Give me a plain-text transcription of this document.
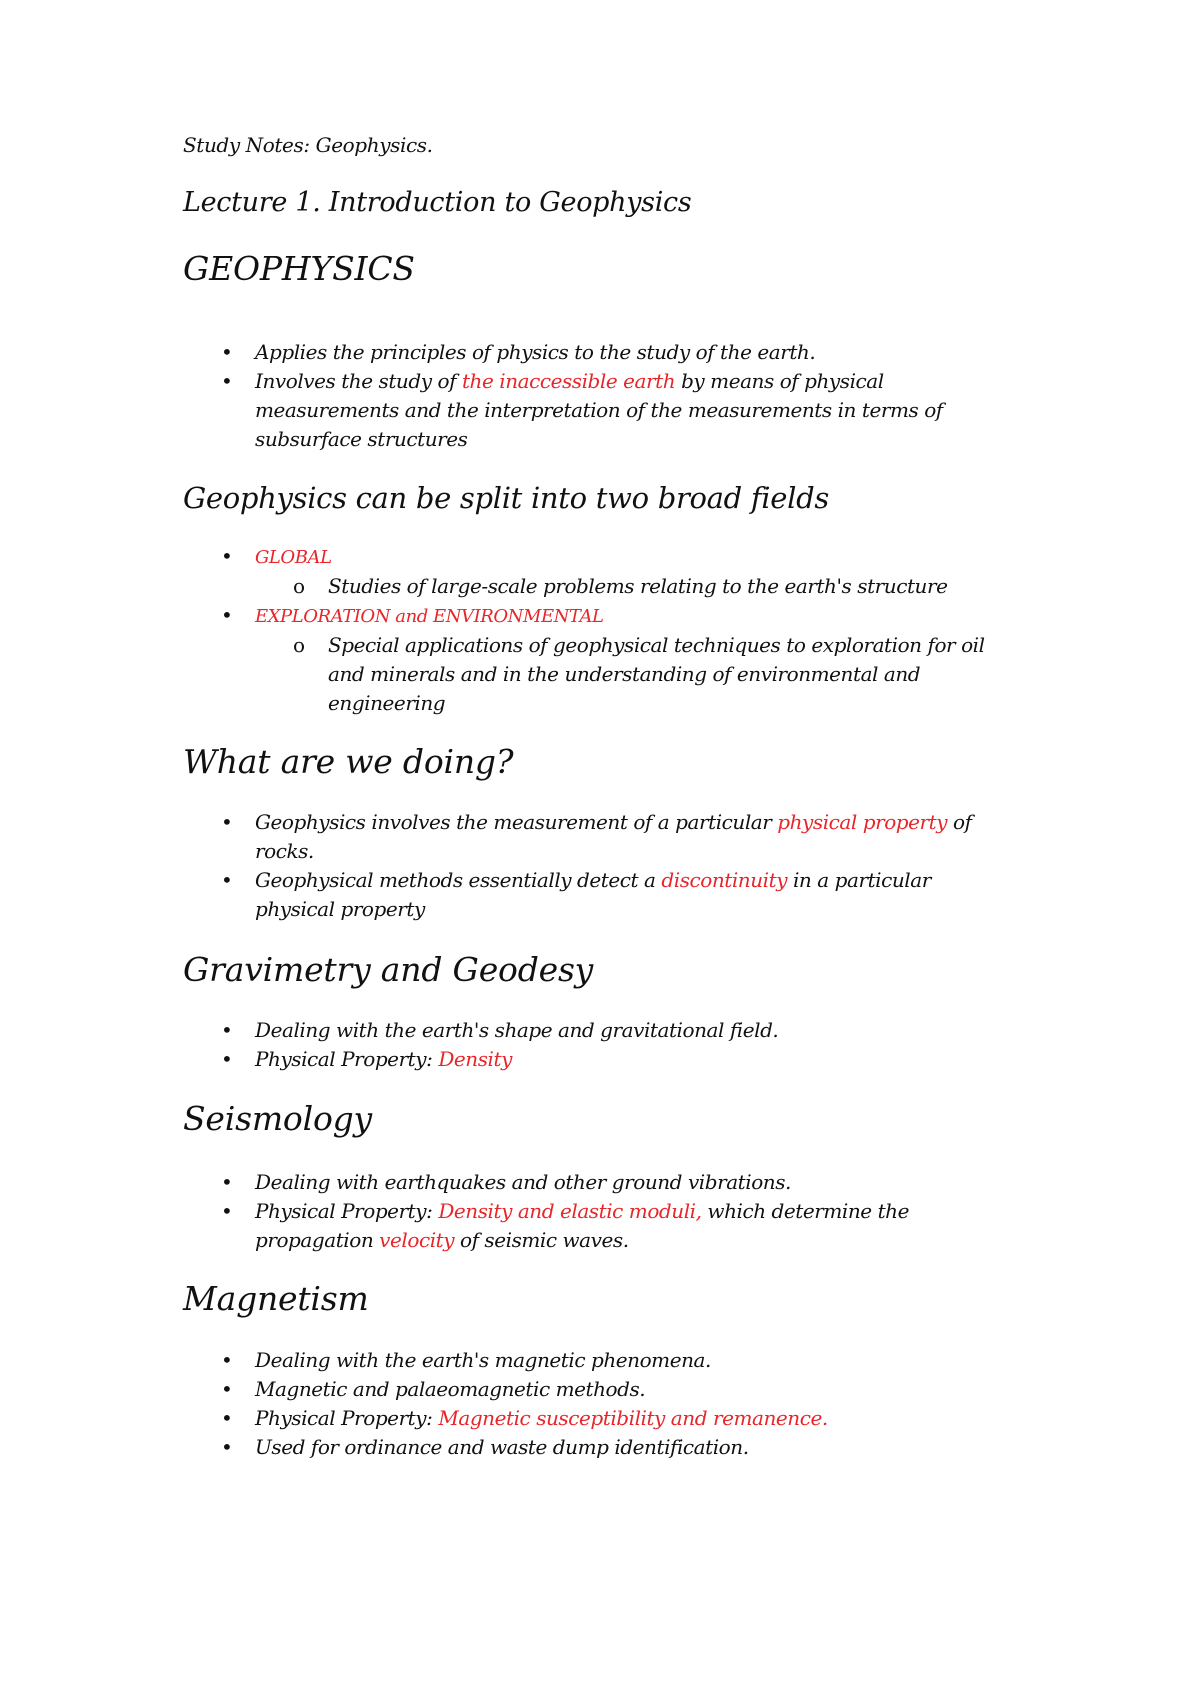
Study Notes: Geophysics.

Lecture 1. Introduction to Geophysics

GEOPHYSICS
• Applies the principles of physics to the study of the earth.
• Involves the study of the inaccessible earth by means of physical
measurements and the interpretation of the measurements in terms of
subsurface structures
Geophysics can be split into two broad fields
• GLOBAL
o Studies of large-scale problems relating to the earth's structure
• EXPLORATION and ENVIRONMENTAL
o Special applications of geophysical techniques to exploration for oil
and minerals and in the understanding of environmental and
engineering
What are we doing?
• Geophysics involves the measurement of a particular physical property of
rocks.
• Geophysical methods essentially detect a discontinuity in a particular
physical property
Gravimetry and Geodesy
• Dealing with the earth's shape and gravitational field.
• Physical Property: Density
Seismology
• Dealing with earthquakes and other ground vibrations.
• Physical Property: Density and elastic moduli, which determine the
propagation velocity of seismic waves.
Magnetism
• Dealing with the earth's magnetic phenomena.
• Magnetic and palaeomagnetic methods.
• Physical Property: Magnetic susceptibility and remanence.
• Used for ordinance and waste dump identification.
